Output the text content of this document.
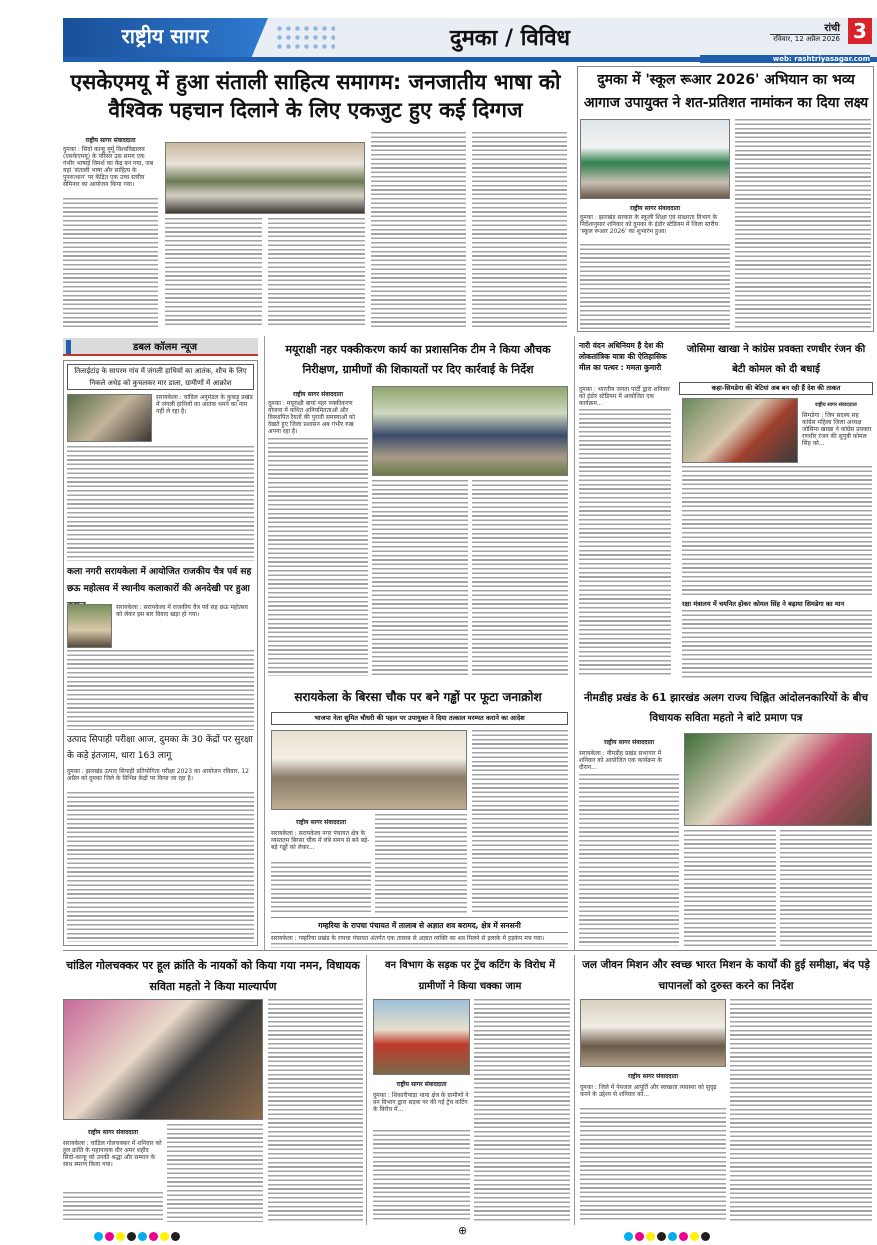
राष्ट्रीय सागर	दुमका / विविध	रांची
रविवार, 12 अप्रैल 2026 3
web: rashtriyasagar.com
एसकेएमयू में हुआ संताली साहित्य समागम: जनजातीय भाषा को वैश्विक पहचान दिलाने के लिए एकजुट हुए कई दिग्गज
राष्ट्रीय सागर संवाददाता
दुमका : सिदो कान्हू मुर्मू विश्वविद्यालय (एसकेएमयू) के परिसर उस समय एक गंभीर भाषाई विमर्श का केंद्र बन गया, जब यहां 'संताली भाषा और साहित्य के पुनरुत्थान' पर केंद्रित एक उच्च स्तरीय सेमिनार का आयोजन किया गया।
दुमका में 'स्कूल रूआर 2026' अभियान का भव्य आगाज उपायुक्त ने शत-प्रतिशत नामांकन का दिया लक्ष्य
राष्ट्रीय सागर संवाददाता
दुमका : झारखंड सरकार के स्कूली शिक्षा एवं साक्षरता विभाग के निर्देशानुसार शनिवार को दुमका के इंडोर स्टेडियम में जिला स्तरीय 'स्कूल रूआर 2026' का शुभारंभ हुआ।
डबल कॉलम न्यूज
तिलाईटांड़ के सापरम गांव में जंगली हाथियों का आतंक, शौच के लिए निकले अधेड़ को कुचलकर मार डाला, ग्रामीणों में आक्रोश
सरायकेला : चांडिल अनुमंडल के कुकड़ू प्रखंड में जंगली हाथियों का आतंक थमने का नाम नहीं ले रहा है।
कला नगरी सरायकेला में आयोजित राजकीय चैत्र पर्व सह छऊ महोत्सव में स्थानीय कलाकारों की अनदेखी पर हुआ
सरायकेला : सरायकेला में राजकीय चैत्र पर्व सह छऊ महोत्सव को लेकर इस बार विवाद खड़ा हो गया।
उत्पाद सिपाही परीक्षा आज, दुमका के 30 केंद्रों पर सुरक्षा के कड़े इंतजाम, धारा 163 लागू
दुमका : झारखंड उत्पाद सिपाही प्रतियोगिता परीक्षा 2023 का आयोजन रविवार, 12 अप्रैल को दुमका जिले के विभिन्न केंद्रों पर किया जा रहा है।
मयूराक्षी नहर पक्कीकरण कार्य का प्रशासनिक टीम ने किया औचक निरीक्षण, ग्रामीणों की शिकायतों पर दिए कार्रवाई के निर्देश
राष्ट्रीय सागर संवाददाता
दुमका : मयूराक्षी बायां नहर पक्कीकरण योजना में कथित अनियमितताओं और विस्थापित रैयतों की पुरानी समस्याओं को देखते हुए जिला प्रशासन अब गंभीर रुख अपना रहा है।
नारी वंदन अधिनियम है देश की लोकतांत्रिक यात्रा की ऐतिहासिक मील का पत्थर : ममता कुमारी
दुमका : भारतीय जनता पार्टी द्वारा शनिवार को इंडोर स्टेडियम में आयोजित एक कार्यक्रम...
जोसिमा खाखा ने कांग्रेस प्रवक्ता रणधीर रंजन की बेटी कोमल को दी बधाई
कहा-सिमडेगा की बेटियां अब बन रही हैं देश की ताकत
राष्ट्रीय सागर संवाददाता
सिमडेगा : जिप सदस्य सह कांग्रेस महिला जिला अध्यक्ष जोसिमा खाखा ने कांग्रेस प्रवक्ता रणधीर रंजन की सुपुत्री कोमल सिंह को...
रक्षा मंत्रालय में चयनित होकर कोमल सिंह ने बढ़ाया सिमडेगा का मान
सरायकेला के बिरसा चौक पर बने गड्ढों पर फूटा जनाक्रोश
भाजपा नेता सुमित चौधरी की पहल पर उपायुक्त ने दिया तत्काल मरम्मत कराने का आदेश
राष्ट्रीय सागर संवाददाता
सरायकेला : सरायकेला नगर पंचायत क्षेत्र के व्यस्ततम बिरसा चौक में लंबे समय से बने बड़े-बड़े गड्ढों को लेकर...
गम्हरिया के रापचा पंचायत में तालाब से अज्ञात शव बरामद, क्षेत्र में सनसनी
सरायकेला : गम्हरिया प्रखंड के रापचा पंचायत अंतर्गत एक तालाब से अज्ञात व्यक्ति का शव मिलने से इलाके में हड़कंप मच गया।
नीमडीह प्रखंड के 61 झारखंड अलग राज्य चिह्नित आंदोलनकारियों के बीच विधायक सविता महतो ने बांटे प्रमाण पत्र
राष्ट्रीय सागर संवाददाता
सरायकेला : नीमडीह प्रखंड सभागार में शनिवार को आयोजित एक कार्यक्रम के दौरान...
चांडिल गोलचक्कर पर हूल क्रांति के नायकों को किया गया नमन, विधायक सविता महतो ने किया माल्यार्पण
राष्ट्रीय सागर संवाददाता
सरायकेला : चांडिल गोलचक्कर में शनिवार को हूल क्रांति के महानायक वीर अमर शहीद सिदो-कान्हू को उनकी श्रद्धा और सम्मान के साथ स्मरण किया गया।
वन विभाग के सड़क पर ट्रेंच कटिंग के विरोध में ग्रामीणों ने किया चक्का जाम
राष्ट्रीय सागर संवाददाता
दुमका : शिकारीपाड़ा थाना क्षेत्र के ग्रामीणों ने वन विभाग द्वारा सड़क पर की गई ट्रेंच कटिंग के विरोध में...
जल जीवन मिशन और स्वच्छ भारत मिशन के कार्यों की हुई समीक्षा, बंद पड़े चापानलों को दुरुस्त करने का निर्देश
राष्ट्रीय सागर संवाददाता
दुमका : जिले में पेयजल आपूर्ति और स्वच्छता व्यवस्था को सुदृढ़ करने के उद्देश्य से शनिवार को...
⊕
